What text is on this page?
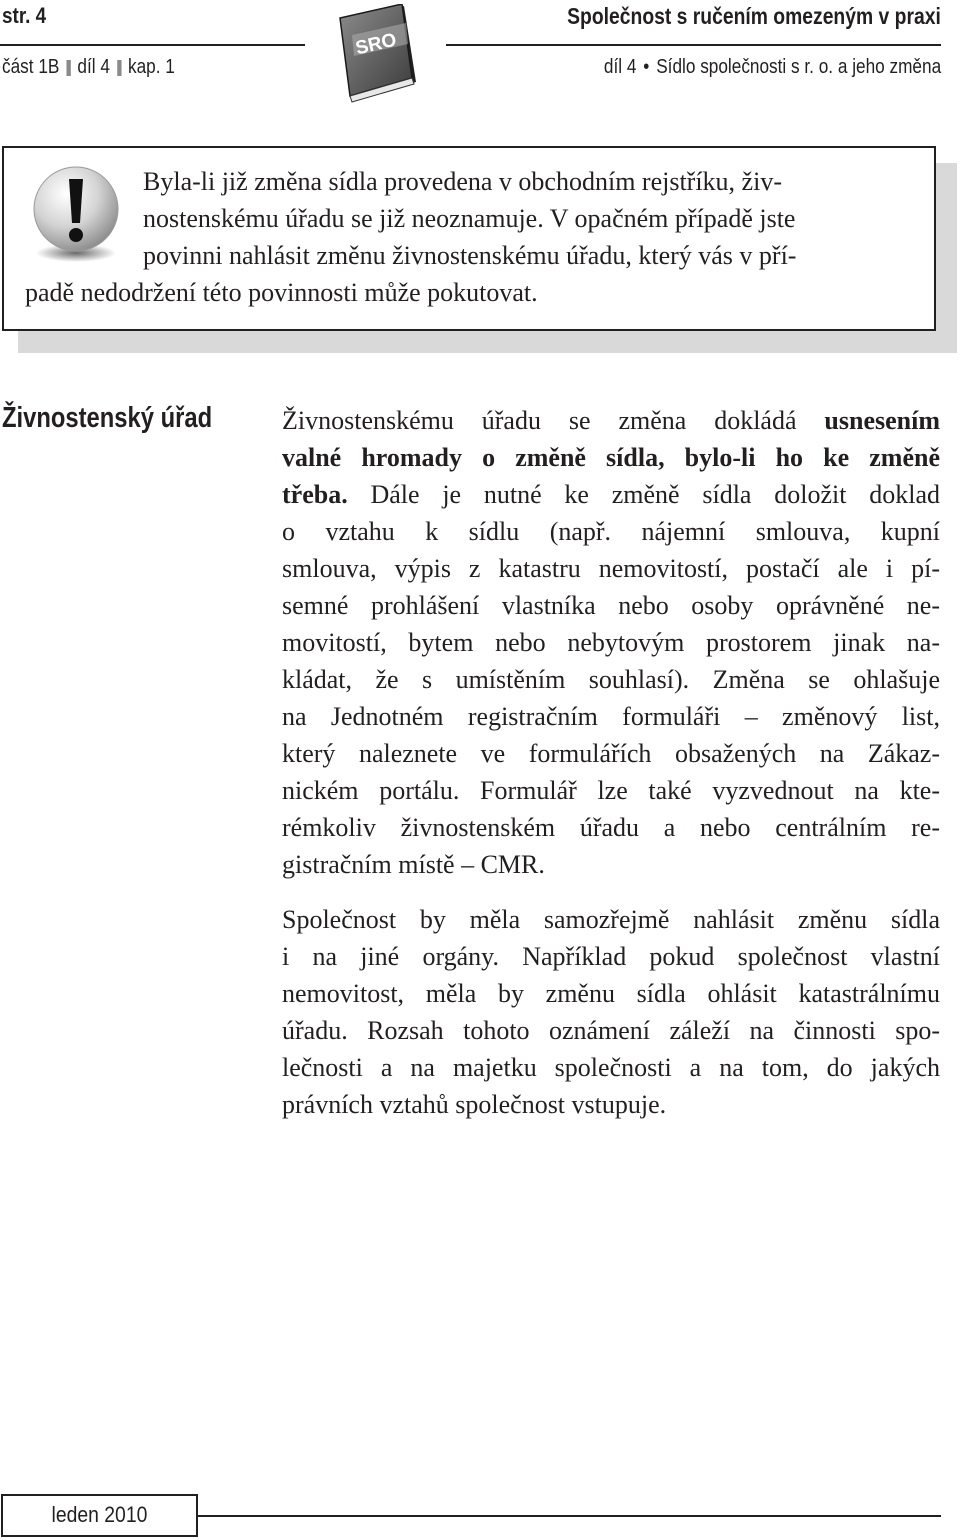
str. 4	Společnost s ručením omezeným v praxi
část 1B díl 4 kap. 1	díl 4 • Sídlo společnosti s r. o. a jeho změna
SRO

Byla-li již změna sídla provedena v obchodním rejstříku, živ-
nostenskému úřadu se již neoznamuje. V opačném případě jste
povinni nahlásit změnu živnostenskému úřadu, který vás v pří-
padě nedodržení této povinnosti může pokutovat.

Živnostenský úřad	Živnostenskému úřadu se změna dokládá usnesením
valné hromady o změně sídla, bylo-li ho ke změně
třeba. Dále je nutné ke změně sídla doložit doklad
o vztahu k sídlu (např. nájemní smlouva, kupní
smlouva, výpis z katastru nemovitostí, postačí ale i pí-
semné prohlášení vlastníka nebo osoby oprávněné ne-
movitostí, bytem nebo nebytovým prostorem jinak na-
kládat, že s umístěním souhlasí). Změna se ohlašuje
na Jednotném registračním formuláři – změnový list,
který naleznete ve formulářích obsažených na Zákaz-
nickém portálu. Formulář lze také vyzvednout na kte-
rémkoliv živnostenském úřadu a nebo centrálním re-
gistračním místě – CMR.

Společnost by měla samozřejmě nahlásit změnu sídla
i na jiné orgány. Například pokud společnost vlastní
nemovitost, měla by změnu sídla ohlásit katastrálnímu
úřadu. Rozsah tohoto oznámení záleží na činnosti spo-
lečnosti a na majetku společnosti a na tom, do jakých
právních vztahů společnost vstupuje.

leden 2010
